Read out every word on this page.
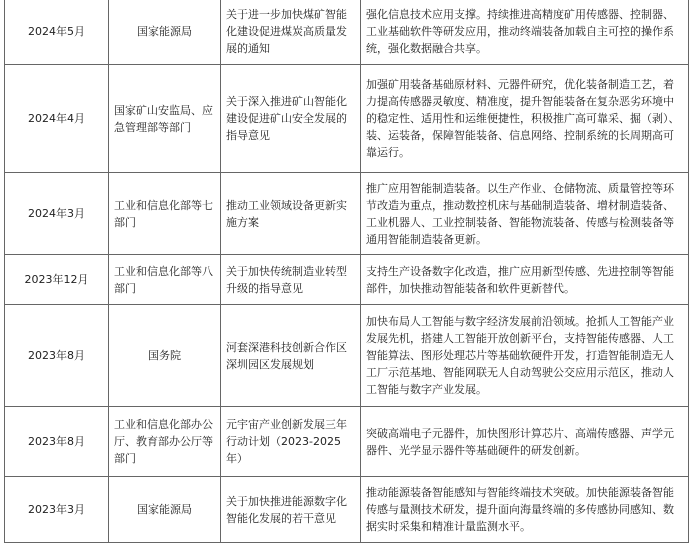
2024年5月	国家能源局	关于进一步加快煤矿智能化建设促进煤炭高质量发展的通知	强化信息技术应用支撑。持续推进高精度矿用传感器、控制器、工业基础软件等研发应用，推动终端装备加载自主可控的操作系统，强化数据融合共享。

2024年4月	国家矿山安监局、应急管理部等部门	关于深入推进矿山智能化建设促进矿山安全发展的指导意见	加强矿用装备基础原材料、元器件研究，优化装备制造工艺，着力提高传感器灵敏度、精准度，提升智能装备在复杂恶劣环境中的稳定性、适用性和运维便捷性，积极推广高可靠采、掘（剥）、装、运装备，保障智能装备、信息网络、控制系统的长周期高可靠运行。

2024年3月	工业和信息化部等七部门	推动工业领域设备更新实施方案	推广应用智能制造装备。以生产作业、仓储物流、质量管控等环节改造为重点，推动数控机床与基础制造装备、增材制造装备、工业机器人、工业控制装备、智能物流装备、传感与检测装备等通用智能制造装备更新。

2023年12月	工业和信息化部等八部门	关于加快传统制造业转型升级的指导意见	支持生产设备数字化改造，推广应用新型传感、先进控制等智能部件，加快推动智能装备和软件更新替代。

2023年8月	国务院	河套深港科技创新合作区深圳园区发展规划	加快布局人工智能与数字经济发展前沿领域。抢抓人工智能产业发展先机，搭建人工智能开放创新平台，支持智能传感器、人工智能算法、图形处理芯片等基础软硬件开发，打造智能制造无人工厂示范基地、智能网联无人自动驾驶公交应用示范区，推动人工智能与数字产业发展。

2023年8月	工业和信息化部办公厅、教育部办公厅等部门	元宇宙产业创新发展三年行动计划（2023-2025年）	突破高端电子元器件，加快图形计算芯片、高端传感器、声学元器件、光学显示器件等基础硬件的研发创新。

2023年3月	国家能源局	关于加快推进能源数字化智能化发展的若干意见	推动能源装备智能感知与智能终端技术突破。加快能源装备智能传感与量测技术研发，提升面向海量终端的多传感协同感知、数据实时采集和精准计量监测水平。
